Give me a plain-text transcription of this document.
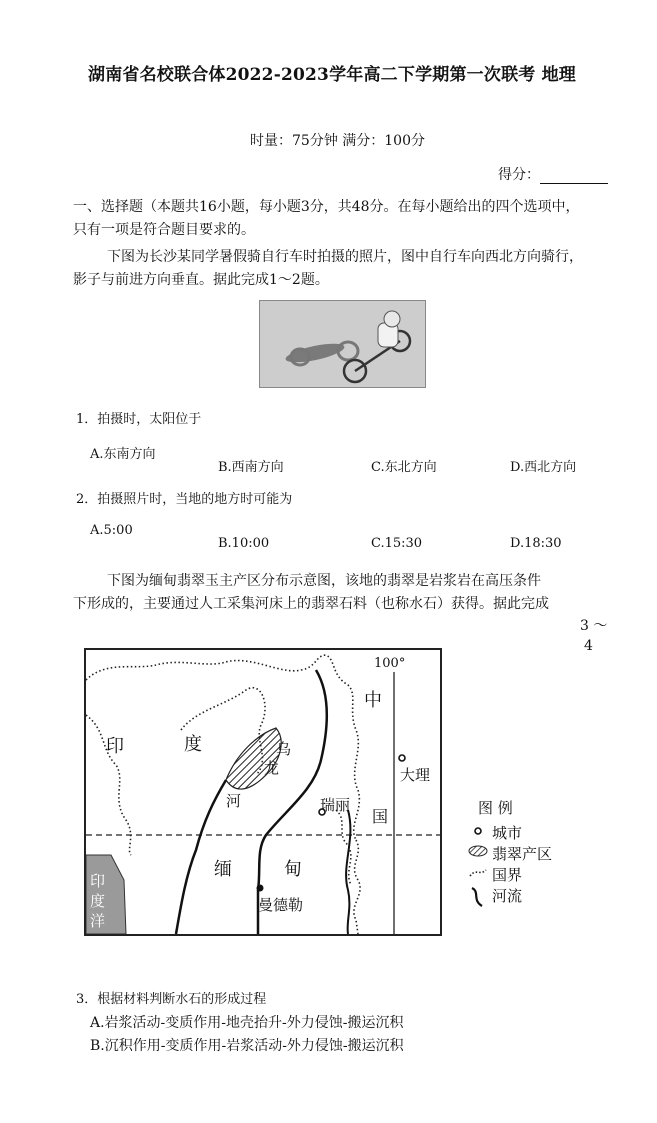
湖南省名校联合体2022-2023学年高二下学期第一次联考 地理
时量：75分钟 满分：100分
得分：
一、选择题（本题共16小题，每小题3分，共48分。在每小题给出的四个选项中，
只有一项是符合题目要求的。
下图为长沙某同学暑假骑自行车时拍摄的照片，图中自行车向西北方向骑行，
影子与前进方向垂直。据此完成1～2题。
1．拍摄时，太阳位于
A.东南方向
B.西南方向	C.东北方向	D.西北方向
2．拍摄照片时，当地的地方时可能为
A.5:00
B.10:00	C.15:30	D.18:30
下图为缅甸翡翠玉主产区分布示意图，该地的翡翠是岩浆岩在高压条件
下形成的，主要通过人工采集河床上的翡翠石料（也称水石）获得。据此完成
3 ～
4
100°
中
国
印	度
缅	甸
印
度
洋
乌
龙
河
大理
瑞丽
曼德勒
图 例
城市
翡翠产区
国界
河流
3．根据材料判断水石的形成过程
A.岩浆活动-变质作用-地壳抬升-外力侵蚀-搬运沉积
B.沉积作用-变质作用-岩浆活动-外力侵蚀-搬运沉积
